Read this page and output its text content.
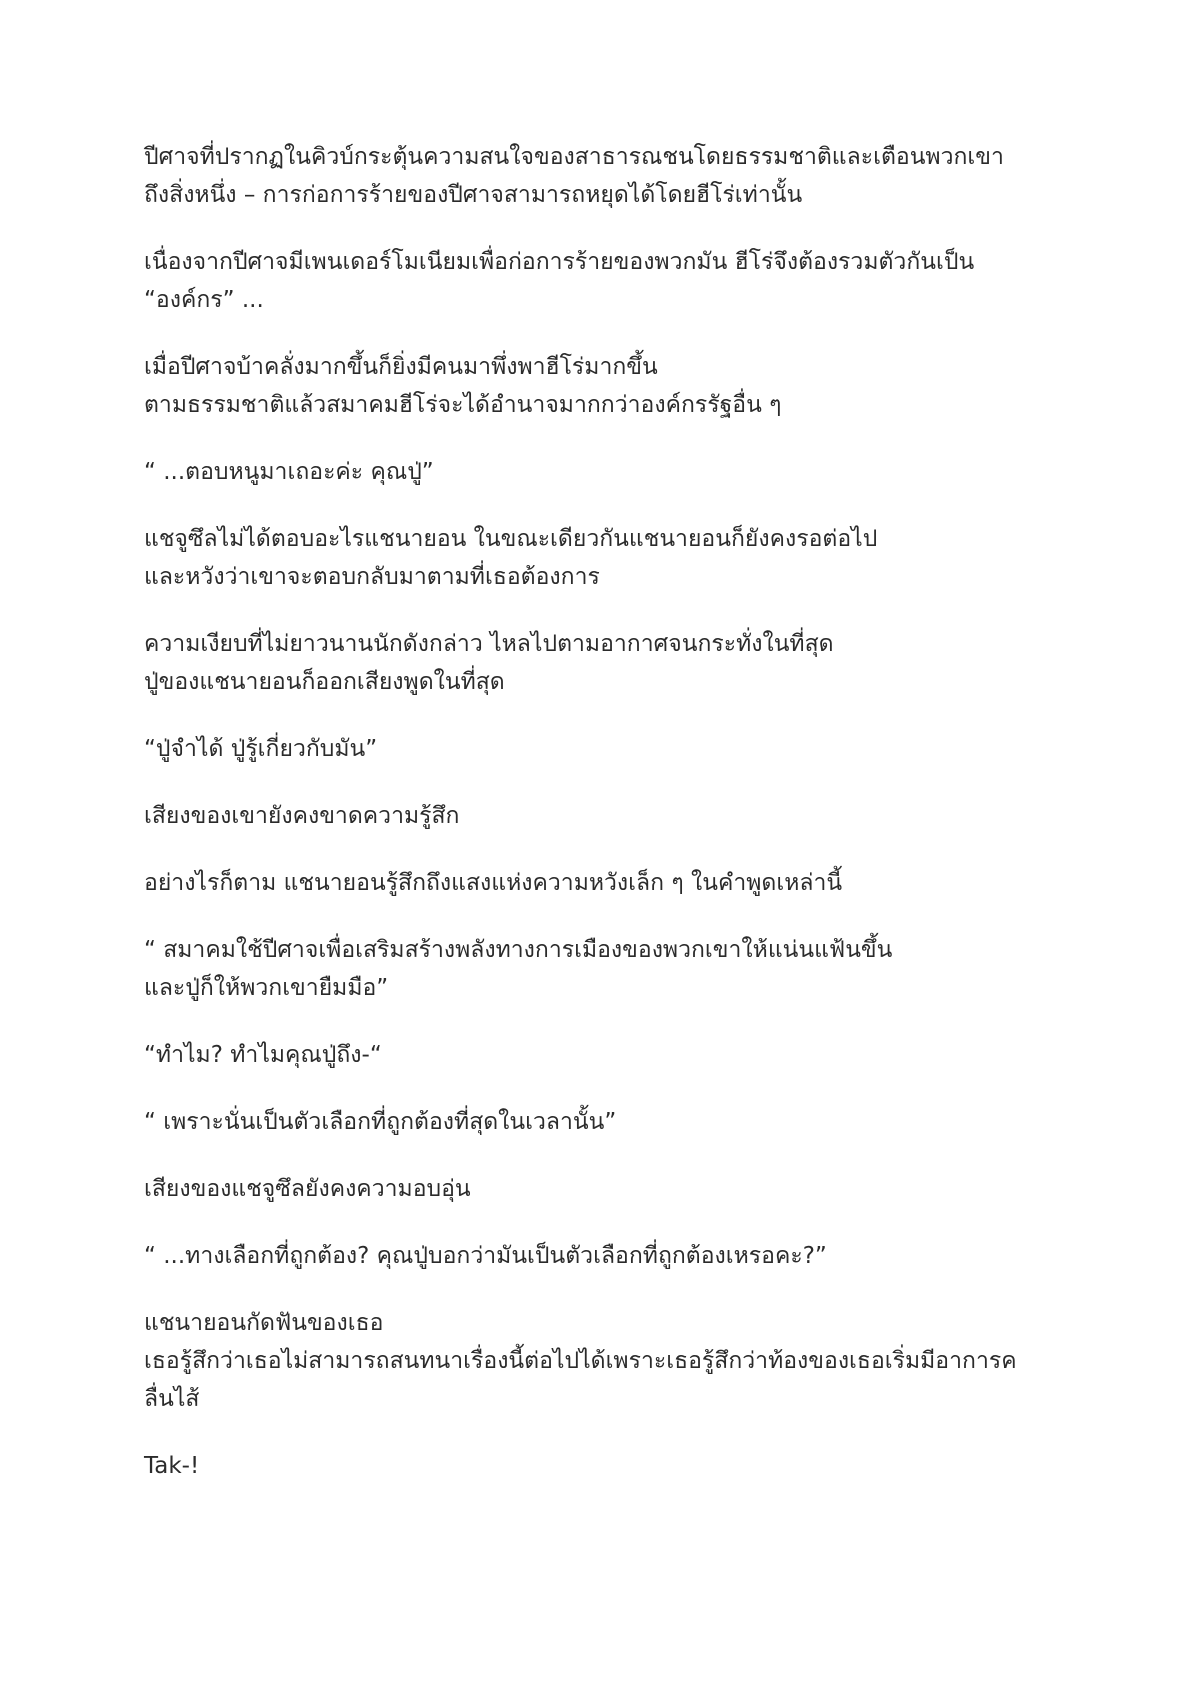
ปีศาจที่ปรากฏในคิวบ์กระตุ้นความสนใจของสาธารณชนโดยธรรมชาติและเตือนพวกเขา
ถึงสิ่งหนึ่ง – การก่อการร้ายของปีศาจสามารถหยุดได้โดยฮีโร่เท่านั้น

เนื่องจากปีศาจมีเพนเดอร์โมเนียมเพื่อก่อการร้ายของพวกมัน ฮีโร่จึงต้องรวมตัวกันเป็น
“องค์กร” ...

เมื่อปีศาจบ้าคลั่งมากขึ้นก็ยิ่งมีคนมาพึ่งพาฮีโร่มากขึ้น
ตามธรรมชาติแล้วสมาคมฮีโร่จะได้อำนาจมากกว่าองค์กรรัฐอื่น ๆ

“ ...ตอบหนูมาเถอะค่ะ คุณปู่”

แชจูซึลไม่ได้ตอบอะไรแชนายอน ในขณะเดียวกันแชนายอนก็ยังคงรอต่อไป
และหวังว่าเขาจะตอบกลับมาตามที่เธอต้องการ

ความเงียบที่ไม่ยาวนานนักดังกล่าว ไหลไปตามอากาศจนกระทั่งในที่สุด
ปู่ของแชนายอนก็ออกเสียงพูดในที่สุด

“ปู่จำได้ ปู่รู้เกี่ยวกับมัน”

เสียงของเขายังคงขาดความรู้สึก

อย่างไรก็ตาม แชนายอนรู้สึกถึงแสงแห่งความหวังเล็ก ๆ ในคำพูดเหล่านี้

“ สมาคมใช้ปีศาจเพื่อเสริมสร้างพลังทางการเมืองของพวกเขาให้แน่นแฟ้นขึ้น
และปู่ก็ให้พวกเขายืมมือ”

“ทำไม? ทำไมคุณปู่ถึง-“

“ เพราะนั่นเป็นตัวเลือกที่ถูกต้องที่สุดในเวลานั้น”

เสียงของแชจูซึลยังคงความอบอุ่น

“ ...ทางเลือกที่ถูกต้อง? คุณปู่บอกว่ามันเป็นตัวเลือกที่ถูกต้องเหรอคะ?”

แชนายอนกัดฟันของเธอ
เธอรู้สึกว่าเธอไม่สามารถสนทนาเรื่องนี้ต่อไปได้เพราะเธอรู้สึกว่าท้องของเธอเริ่มมีอาการค
ลื่นไส้

Tak-!
